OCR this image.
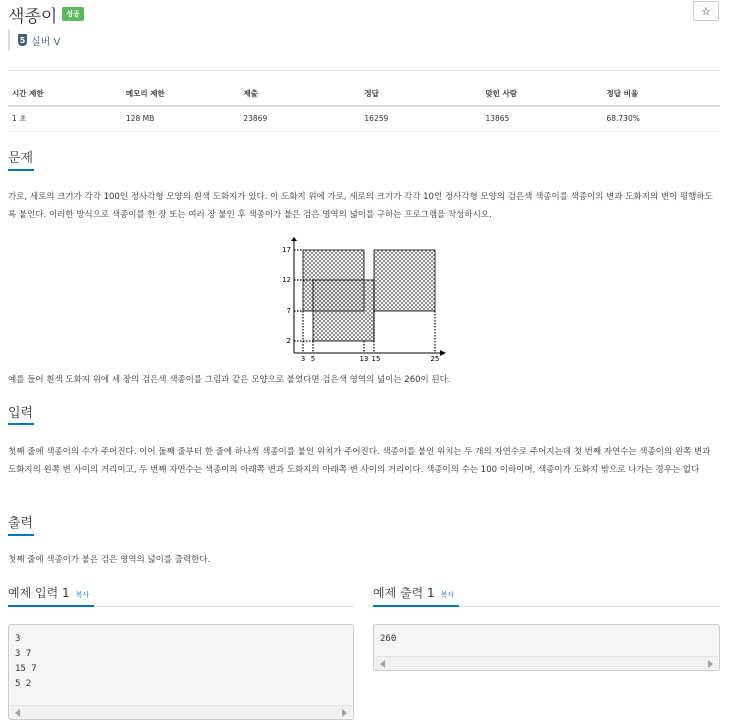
색종이	성공	☆
5 실버 V
시간 제한	메모리 제한	제출	정답	맞힌 사람	정답 비율
1 초	128 MB	23869	16259	13865	68.730%
문제
가로, 세로의 크기가 각각 100인 정사각형 모양의 흰색 도화지가 있다. 이 도화지 위에 가로, 세로의 크기가 각각 10인 정사각형 모양의 검은색 색종이를 색종이의 변과 도화지의 변이 평행하도록 붙인다. 이러한 방식으로 색종이를 한 장 또는 여러 장 붙인 후 색종이가 붙은 검은 영역의 넓이를 구하는 프로그램을 작성하시오.
17
12
7
2
3 5	13 15	25
예를 들어 흰색 도화지 위에 세 장의 검은색 색종이를 그림과 같은 모양으로 붙였다면 검은색 영역의 넓이는 260이 된다.
입력
첫째 줄에 색종이의 수가 주어진다. 이어 둘째 줄부터 한 줄에 하나씩 색종이를 붙인 위치가 주어진다. 색종이를 붙인 위치는 두 개의 자연수로 주어지는데 첫 번째 자연수는 색종이의 왼쪽 변과 도화지의 왼쪽 변 사이의 거리이고, 두 번째 자연수는 색종이의 아래쪽 변과 도화지의 아래쪽 변 사이의 거리이다. 색종이의 수는 100 이하이며, 색종이가 도화지 밖으로 나가는 경우는 없다
출력
첫째 줄에 색종이가 붙은 검은 영역의 넓이를 출력한다.
예제 입력 1 복사
3
3 7
15 7
5 2
예제 출력 1 복사
260
